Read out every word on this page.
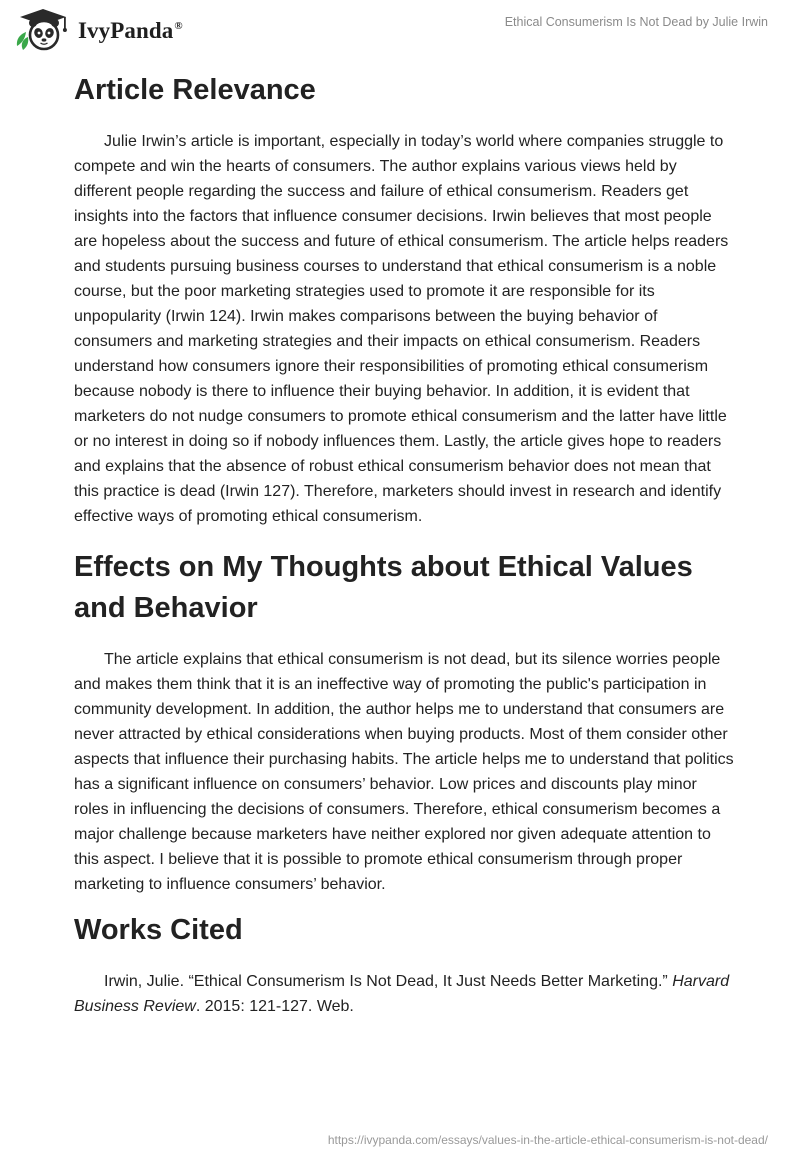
IvyPanda®	Ethical Consumerism Is Not Dead by Julie Irwin
Article Relevance

Julie Irwin’s article is important, especially in today’s world where companies struggle to compete and win the hearts of consumers. The author explains various views held by different people regarding the success and failure of ethical consumerism. Readers get insights into the factors that influence consumer decisions. Irwin believes that most people are hopeless about the success and future of ethical consumerism. The article helps readers and students pursuing business courses to understand that ethical consumerism is a noble course, but the poor marketing strategies used to promote it are responsible for its unpopularity (Irwin 124). Irwin makes comparisons between the buying behavior of consumers and marketing strategies and their impacts on ethical consumerism. Readers understand how consumers ignore their responsibilities of promoting ethical consumerism because nobody is there to influence their buying behavior. In addition, it is evident that marketers do not nudge consumers to promote ethical consumerism and the latter have little or no interest in doing so if nobody influences them. Lastly, the article gives hope to readers and explains that the absence of robust ethical consumerism behavior does not mean that this practice is dead (Irwin 127). Therefore, marketers should invest in research and identify effective ways of promoting ethical consumerism.

Effects on My Thoughts about Ethical Values and Behavior

The article explains that ethical consumerism is not dead, but its silence worries people and makes them think that it is an ineffective way of promoting the public's participation in community development. In addition, the author helps me to understand that consumers are never attracted by ethical considerations when buying products. Most of them consider other aspects that influence their purchasing habits. The article helps me to understand that politics has a significant influence on consumers’ behavior. Low prices and discounts play minor roles in influencing the decisions of consumers. Therefore, ethical consumerism becomes a major challenge because marketers have neither explored nor given adequate attention to this aspect. I believe that it is possible to promote ethical consumerism through proper marketing to influence consumers’ behavior.

Works Cited

Irwin, Julie. “Ethical Consumerism Is Not Dead, It Just Needs Better Marketing.” Harvard Business Review. 2015: 121-127. Web.

https://ivypanda.com/essays/values-in-the-article-ethical-consumerism-is-not-dead/
